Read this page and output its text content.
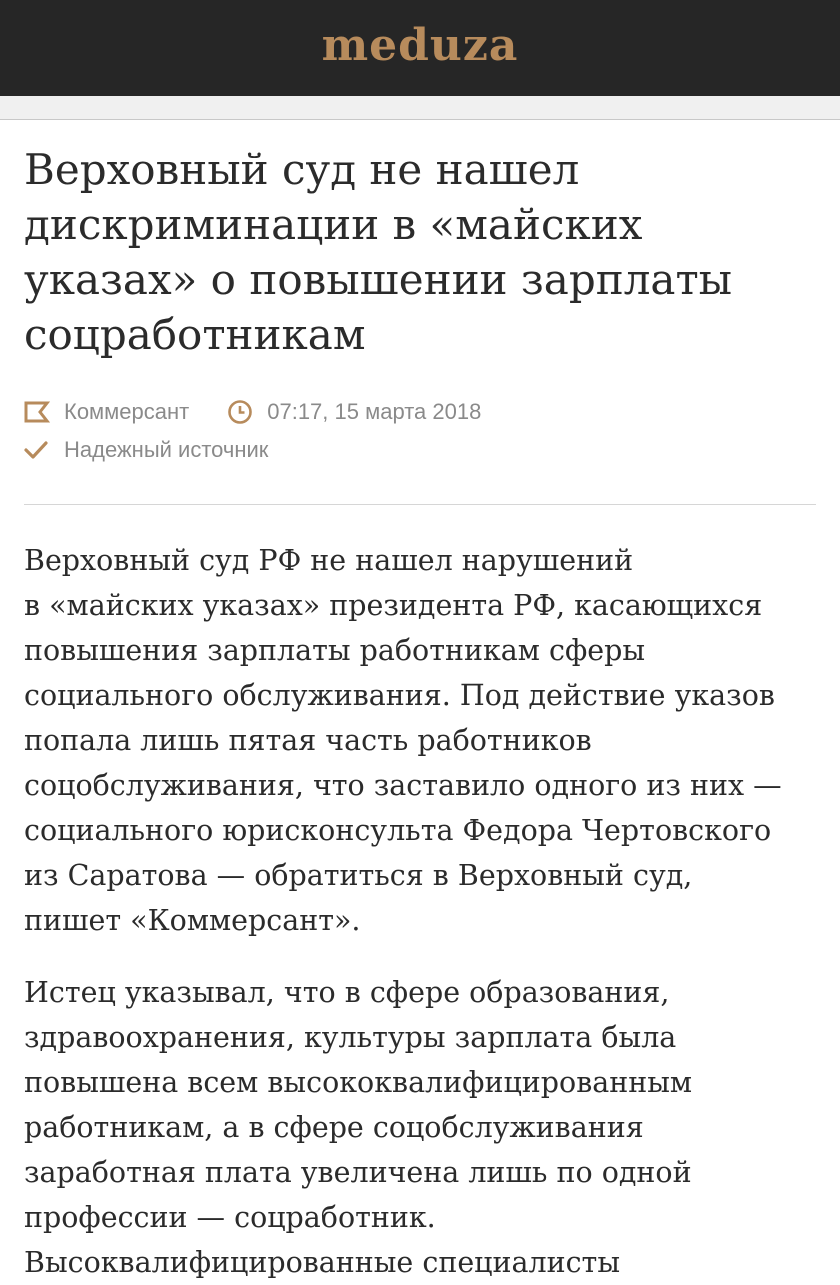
meduza
Верховный суд не нашел
дискриминации в «майских
указах» о повышении зарплаты
соцработникам
Коммерсант	07:17, 15 марта 2018
Надежный источник

Верховный суд РФ не нашел нарушений
в «майских указах» президента РФ, касающихся
повышения зарплаты работникам сферы
социального обслуживания. Под действие указов
попала лишь пятая часть работников
соцобслуживания, что заставило одного из них —
социального юрисконсульта Федора Чертовского
из Саратова — обратиться в Верховный суд,
пишет «Коммерсант».

Истец указывал, что в сфере образования,
здравоохранения, культуры зарплата была
повышена всем высококвалифицированным
работникам, а в сфере соцобслуживания
заработная плата увеличена лишь по одной
профессии — соцработник.
Высоквалифицированные специалисты
